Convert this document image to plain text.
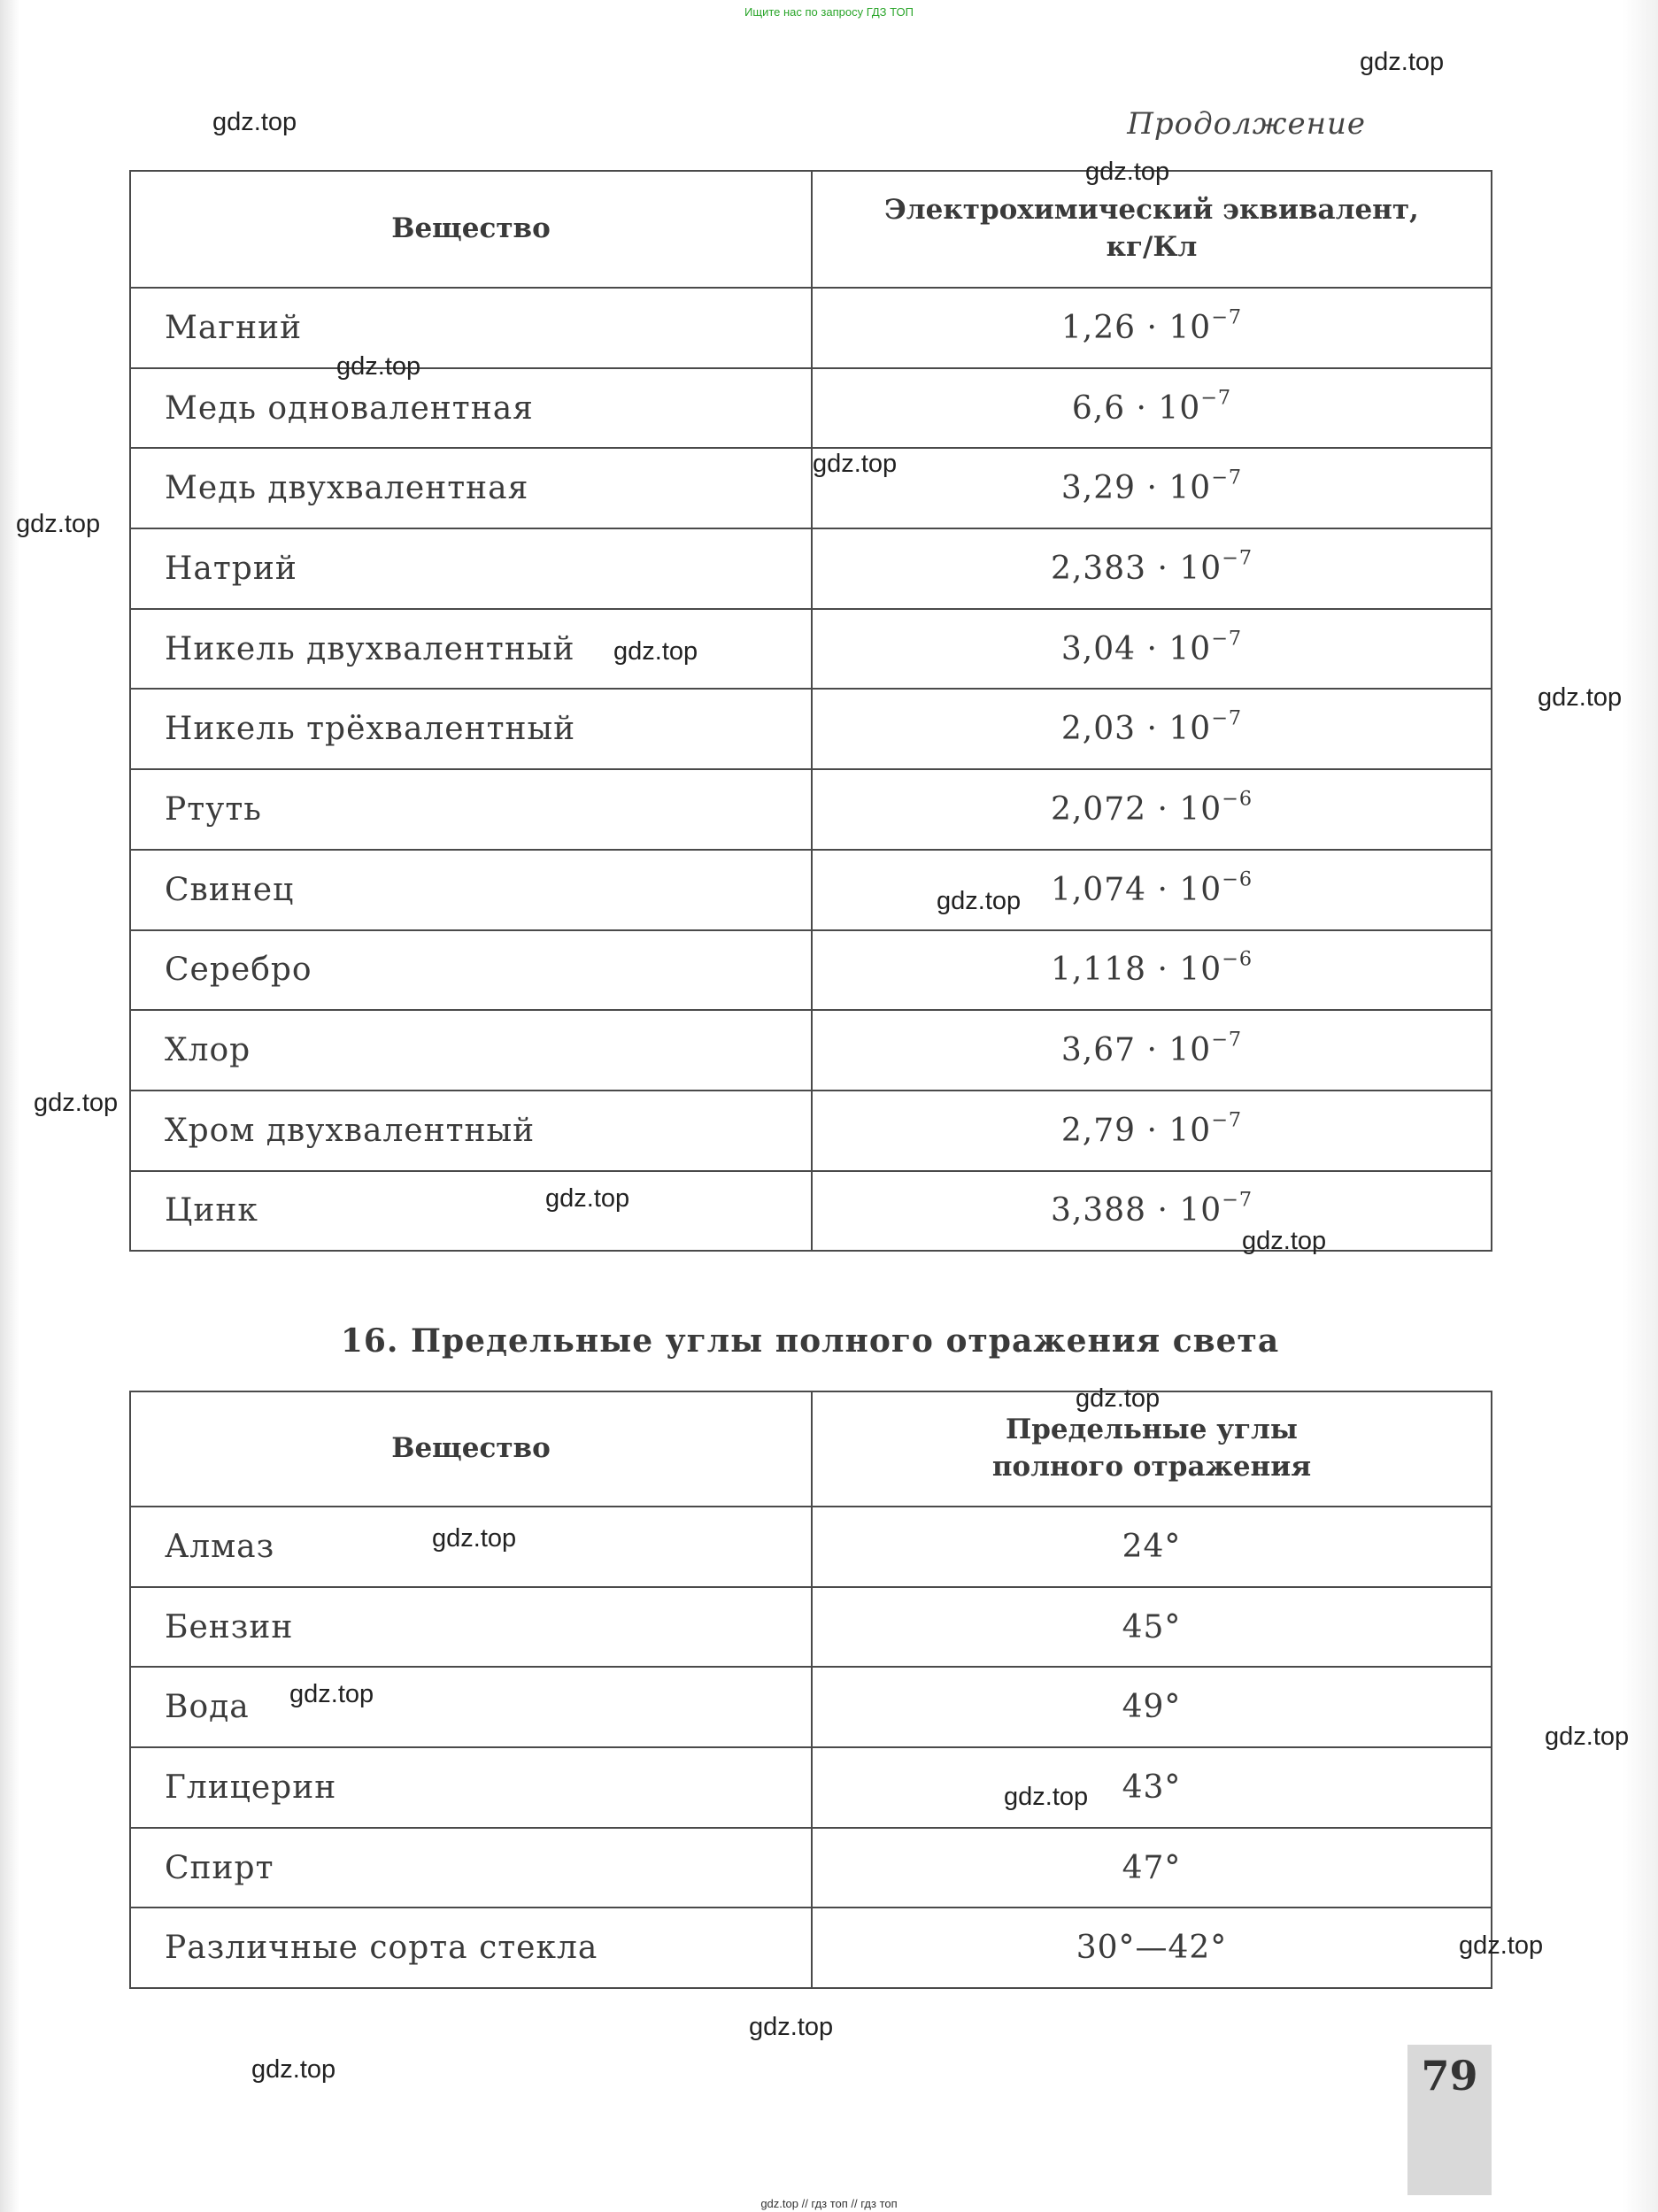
Ищите нас по запросу ГДЗ ТОП
Продолжение
Вещество	Электрохимический эквивалент,
кг/Кл

Магний	$1,26 \cdot 10^{-7}$
Медь одновалентная	$6,6 \cdot 10^{-7}$
Медь двухвалентная	$3,29 \cdot 10^{-7}$
Натрий	$2,383 \cdot 10^{-7}$
Никель двухвалентный	$3,04 \cdot 10^{-7}$
Никель трёхвалентный	$2,03 \cdot 10^{-7}$
Ртуть	$2,072 \cdot 10^{-6}$
Свинец	$1,074 \cdot 10^{-6}$
Серебро	$1,118 \cdot 10^{-6}$
Хлор	$3,67 \cdot 10^{-7}$
Хром двухвалентный	$2,79 \cdot 10^{-7}$
Цинк	$3,388 \cdot 10^{-7}$
16. Предельные углы полного отражения света
Вещество	Предельные углы
полного отражения

Алмаз	24°
Бензин	45°
Вода	49°
Глицерин	43°
Спирт	47°
Различные сорта стекла	30°—42°
79
gdz.top // гдз топ // гдз топ
gdz.top
gdz.top
gdz.top
gdz.top
gdz.top
gdz.top
gdz.top
gdz.top
gdz.top
gdz.top
gdz.top
gdz.top
gdz.top
gdz.top
gdz.top
gdz.top
gdz.top
gdz.top
gdz.top
gdz.top
